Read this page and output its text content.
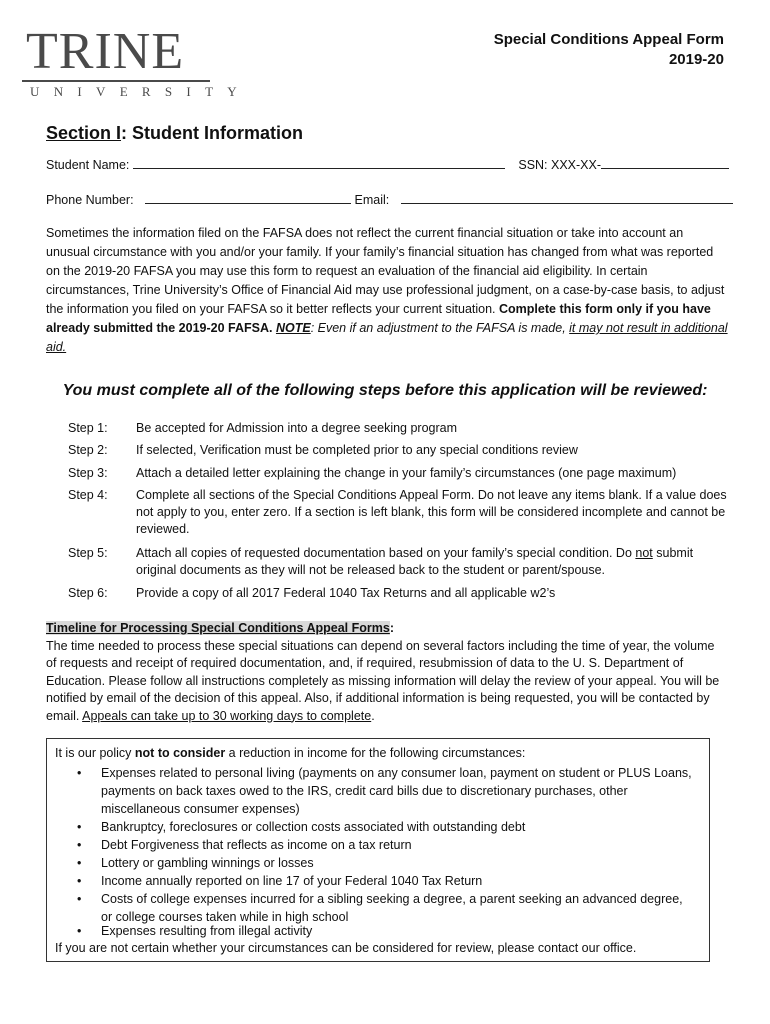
TRINE
UNIVERSITY
Special Conditions Appeal Form
2019-20
Section I: Student Information
Student Name:	SSN: XXX-XX-
Phone Number:	Email:
Sometimes the information filed on the FAFSA does not reflect the current financial situation or take into account an unusual circumstance with you and/or your family. If your family’s financial situation has changed from what was reported on the 2019-20 FAFSA you may use this form to request an evaluation of the financial aid eligibility. In certain circumstances, Trine University’s Office of Financial Aid may use professional judgment, on a case-by-case basis, to adjust the information you filed on your FAFSA so it better reflects your current situation. Complete this form only if you have already submitted the 2019-20 FAFSA. NOTE: Even if an adjustment to the FAFSA is made, it may not result in additional aid.
You must complete all of the following steps before this application will be reviewed:
Step 1: Be accepted for Admission into a degree seeking program
Step 2: If selected, Verification must be completed prior to any special conditions review
Step 3: Attach a detailed letter explaining the change in your family’s circumstances (one page maximum)
Step 4: Complete all sections of the Special Conditions Appeal Form. Do not leave any items blank. If a value does not apply to you, enter zero. If a section is left blank, this form will be considered incomplete and cannot be reviewed.
Step 5: Attach all copies of requested documentation based on your family’s special condition. Do not submit original documents as they will not be released back to the student or parent/spouse.
Step 6: Provide a copy of all 2017 Federal 1040 Tax Returns and all applicable w2’s
Timeline for Processing Special Conditions Appeal Forms:
The time needed to process these special situations can depend on several factors including the time of year, the volume of requests and receipt of required documentation, and, if required, resubmission of data to the U. S. Department of Education. Please follow all instructions completely as missing information will delay the review of your appeal. You will be notified by email of the decision of this appeal. Also, if additional information is being requested, you will be contacted by email. Appeals can take up to 30 working days to complete.
It is our policy not to consider a reduction in income for the following circumstances:
• Expenses related to personal living (payments on any consumer loan, payment on student or PLUS Loans, payments on back taxes owed to the IRS, credit card bills due to discretionary purchases, other miscellaneous consumer expenses)
• Bankruptcy, foreclosures or collection costs associated with outstanding debt
• Debt Forgiveness that reflects as income on a tax return
• Lottery or gambling winnings or losses
• Income annually reported on line 17 of your Federal 1040 Tax Return
• Costs of college expenses incurred for a sibling seeking a degree, a parent seeking an advanced degree, or college courses taken while in high school
• Expenses resulting from illegal activity
If you are not certain whether your circumstances can be considered for review, please contact our office.
